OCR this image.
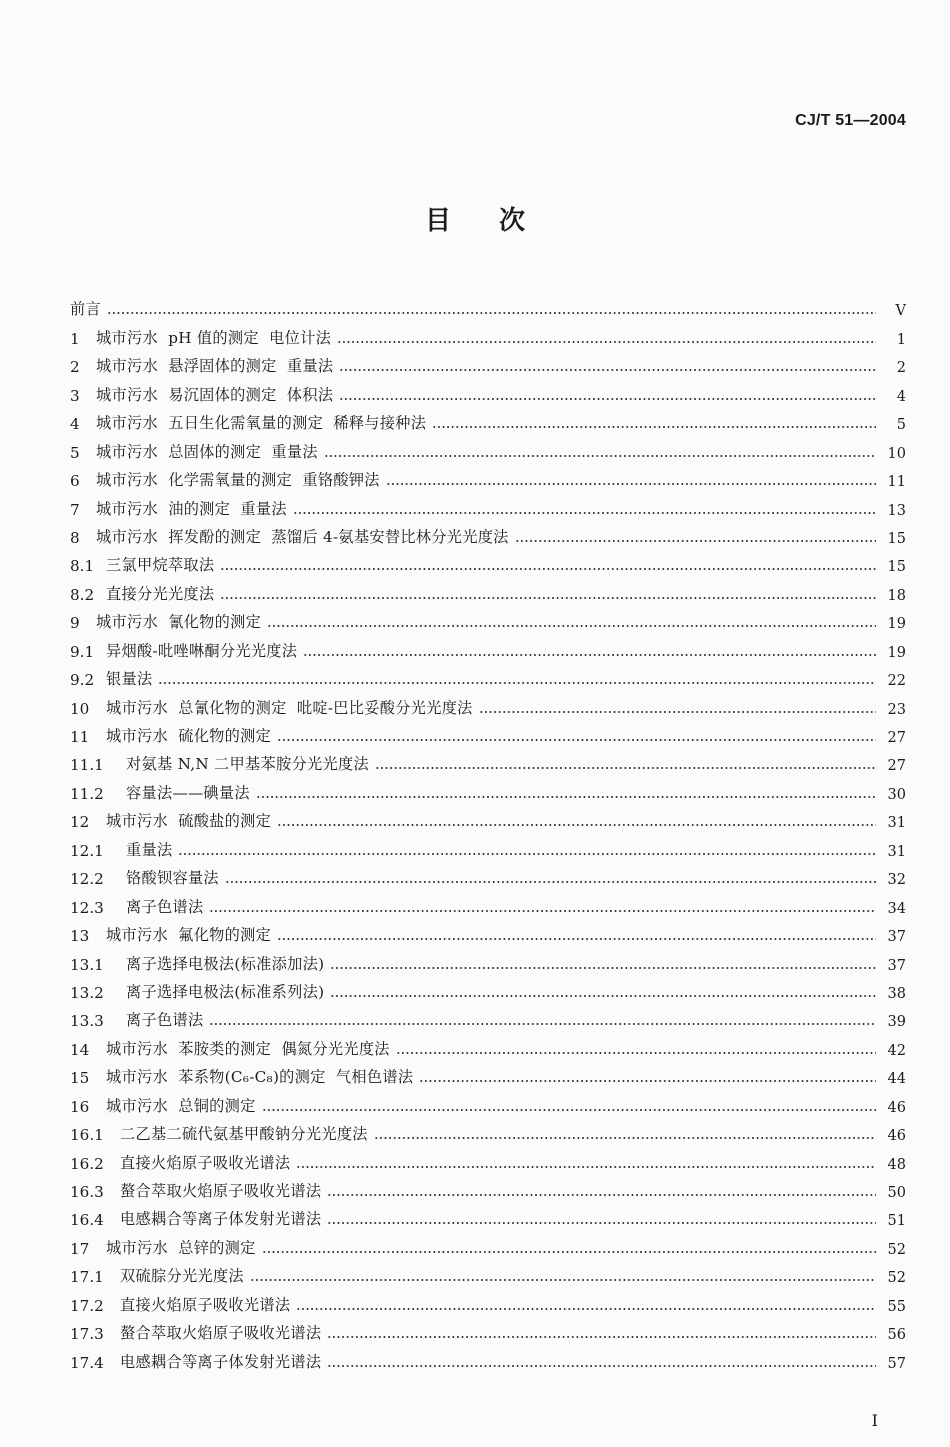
CJ/T 51—2004
目 次
前言	V
1	城市污水  pH 值的测定  电位计法	1
2	城市污水  悬浮固体的测定  重量法	2
3	城市污水  易沉固体的测定  体积法	4
4	城市污水  五日生化需氧量的测定  稀释与接种法	5
5	城市污水  总固体的测定  重量法	10
6	城市污水  化学需氧量的测定  重铬酸钾法	11
7	城市污水  油的测定  重量法	13
8	城市污水  挥发酚的测定  蒸馏后 4-氨基安替比林分光光度法	15
8.1 三氯甲烷萃取法	15
8.2 直接分光光度法	18
9	城市污水  氰化物的测定	19
9.1 异烟酸-吡唑啉酮分光光度法	19
9.2 银量法	22
10	城市污水  总氰化物的测定  吡啶-巴比妥酸分光光度法	23
11	城市污水  硫化物的测定	27
11.1	对氨基 N,N 二甲基苯胺分光光度法	27
11.2	容量法——碘量法	30
12	城市污水  硫酸盐的测定	31
12.1	重量法	31
12.2	铬酸钡容量法	32
12.3	离子色谱法	34
13	城市污水  氟化物的测定	37
13.1	离子选择电极法(标准添加法)	37
13.2	离子选择电极法(标准系列法)	38
13.3	离子色谱法	39
14	城市污水  苯胺类的测定  偶氮分光光度法	42
15	城市污水  苯系物(C₆-C₈)的测定  气相色谱法	44
16	城市污水  总铜的测定	46
16.1	二乙基二硫代氨基甲酸钠分光光度法	46
16.2	直接火焰原子吸收光谱法	48
16.3	螯合萃取火焰原子吸收光谱法	50
16.4	电感耦合等离子体发射光谱法	51
17	城市污水  总锌的测定	52
17.1	双硫腙分光光度法	52
17.2	直接火焰原子吸收光谱法	55
17.3	螯合萃取火焰原子吸收光谱法	56
17.4	电感耦合等离子体发射光谱法	57
I
